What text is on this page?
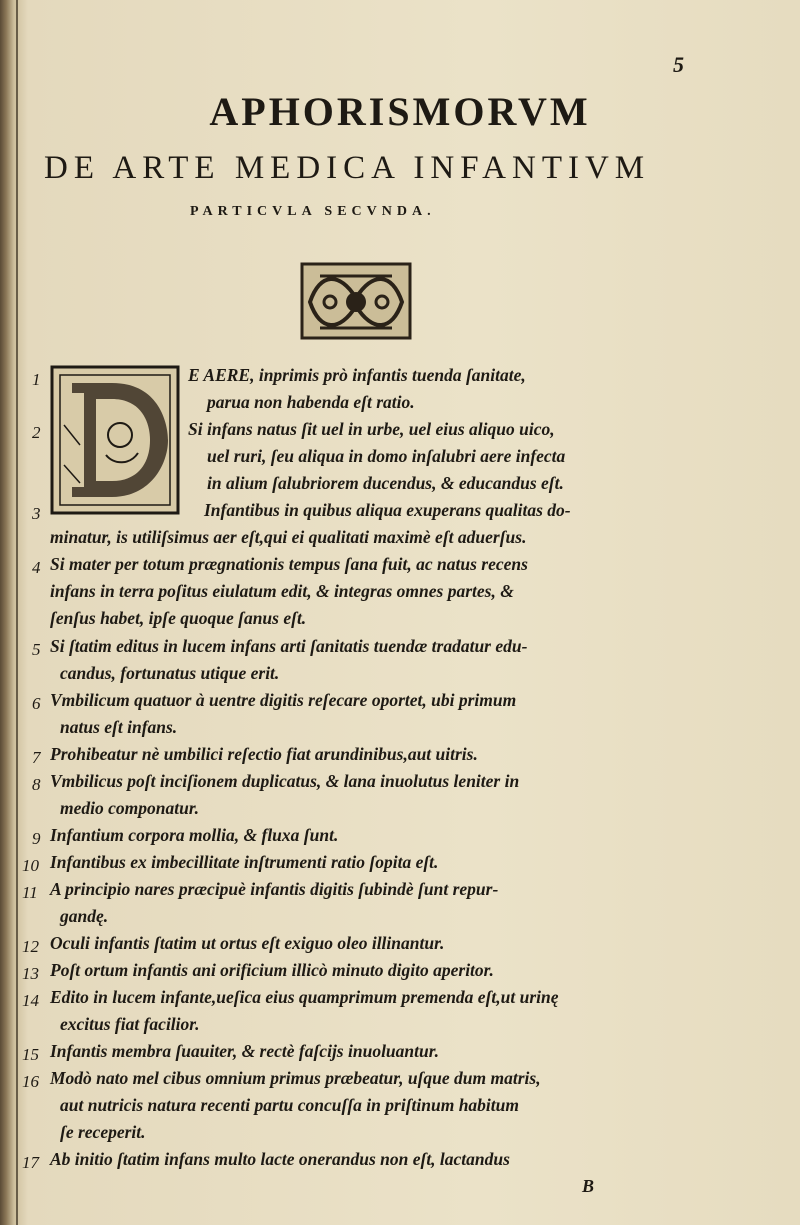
5
APHORISMORVM
DE ARTE MEDICA INFANTIVM
PARTICVLA SECVNDA.
1	E AERE, inprimis prò infantis tuenda ſanitate,
parua non habenda eſt ratio.
2	Si infans natus ſit uel in urbe, uel eius aliquo uico,
uel ruri, ſeu aliqua in domo inſalubri aere infecta
in alium ſalubriorem ducendus, & educandus eſt.
3	Infantibus in quibus aliqua exuperans qualitas do-
minatur, is utiliſsimus aer eſt,qui ei qualitati maximè eſt aduerſus.
4 Si mater per totum prægnationis tempus ſana fuit, ac natus recens
infans in terra poſitus eiulatum edit, & integras omnes partes, &
ſenſus habet, ipſe quoque ſanus eſt.
5 Si ſtatim editus in lucem infans arti ſanitatis tuendæ tradatur edu-
candus, fortunatus utique erit.
6 Vmbilicum quatuor à uentre digitis reſecare oportet, ubi primum
natus eſt infans.
7 Prohibeatur nè umbilici reſectio fiat arundinibus,aut uitris.
8 Vmbilicus poſt inciſionem duplicatus, & lana inuolutus leniter in
medio componatur.
9 Infantium corpora mollia, & fluxa ſunt.
10 Infantibus ex imbecillitate inſtrumenti ratio ſopita eſt.
11 A principio nares præcipuè infantis digitis ſubindè ſunt repur-
gandę.
12 Oculi infantis ſtatim ut ortus eſt exiguo oleo illinantur.
13 Poſt ortum infantis ani orificium illicò minuto digito aperitor.
14 Edito in lucem infante,ueſica eius quamprimum premenda eſt,ut urinę
excitus fiat facilior.
15 Infantis membra ſuauiter, & rectè faſcijs inuoluantur.
16 Modò nato mel cibus omnium primus præbeatur, uſque dum matris,
aut nutricis natura recenti partu concuſſa in priſtinum habitum
ſe receperit.
17 Ab initio ſtatim infans multo lacte onerandus non eſt, lactandus
B
